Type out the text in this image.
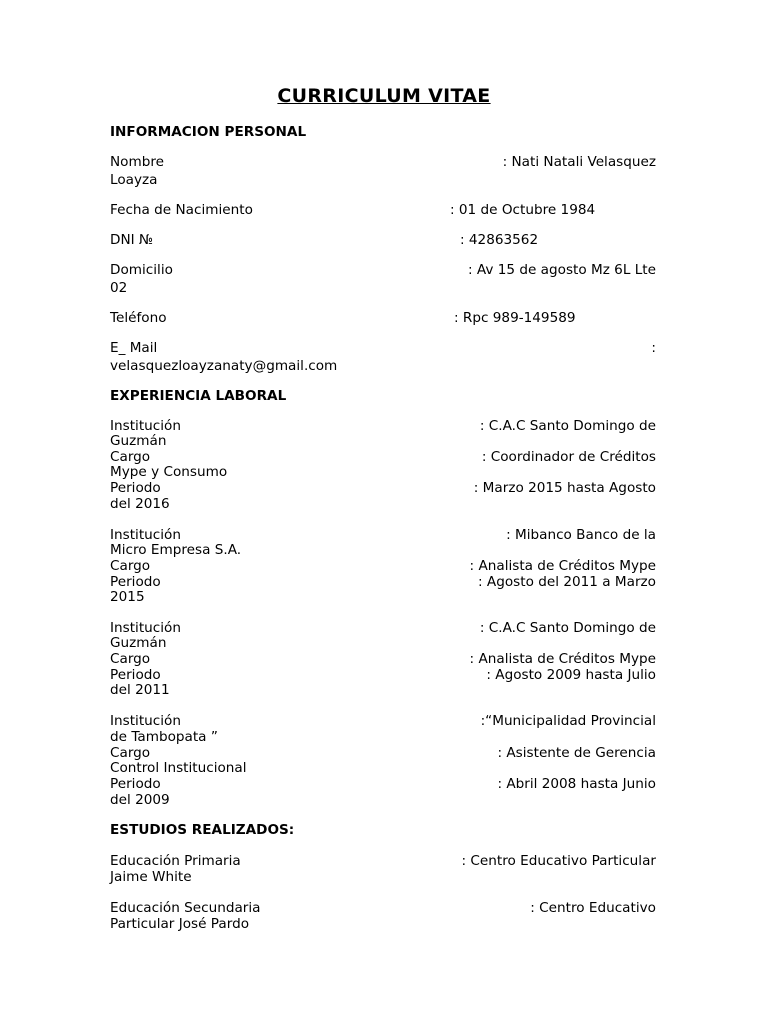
CURRICULUM VITAE
INFORMACION PERSONAL
Nombre	: Nati Natali Velasquez
Loayza
Fecha de Nacimiento	: 01 de Octubre 1984
DNI №	: 42863562
Domicilio	: Av 15 de agosto Mz 6L Lte
02
Teléfono	: Rpc 989-149589
E_ Mail	:
velasquezloayzanaty@gmail.com
EXPERIENCIA LABORAL
Institución	: C.A.C Santo Domingo de
Guzmán
Cargo	: Coordinador de Créditos
Mype y Consumo
Periodo	: Marzo 2015 hasta Agosto
del 2016
Institución	: Mibanco Banco de la
Micro Empresa S.A.
Cargo	: Analista de Créditos Mype
Periodo	: Agosto del 2011 a Marzo
2015
Institución	: C.A.C Santo Domingo de
Guzmán
Cargo	: Analista de Créditos Mype
Periodo	: Agosto 2009 hasta Julio
del 2011
Institución	:“Municipalidad Provincial
de Tambopata ”
Cargo	: Asistente de Gerencia
Control Institucional
Periodo	: Abril 2008 hasta Junio
del 2009
ESTUDIOS REALIZADOS:
Educación Primaria	: Centro Educativo Particular
Jaime White
Educación Secundaria	: Centro Educativo
Particular José Pardo
